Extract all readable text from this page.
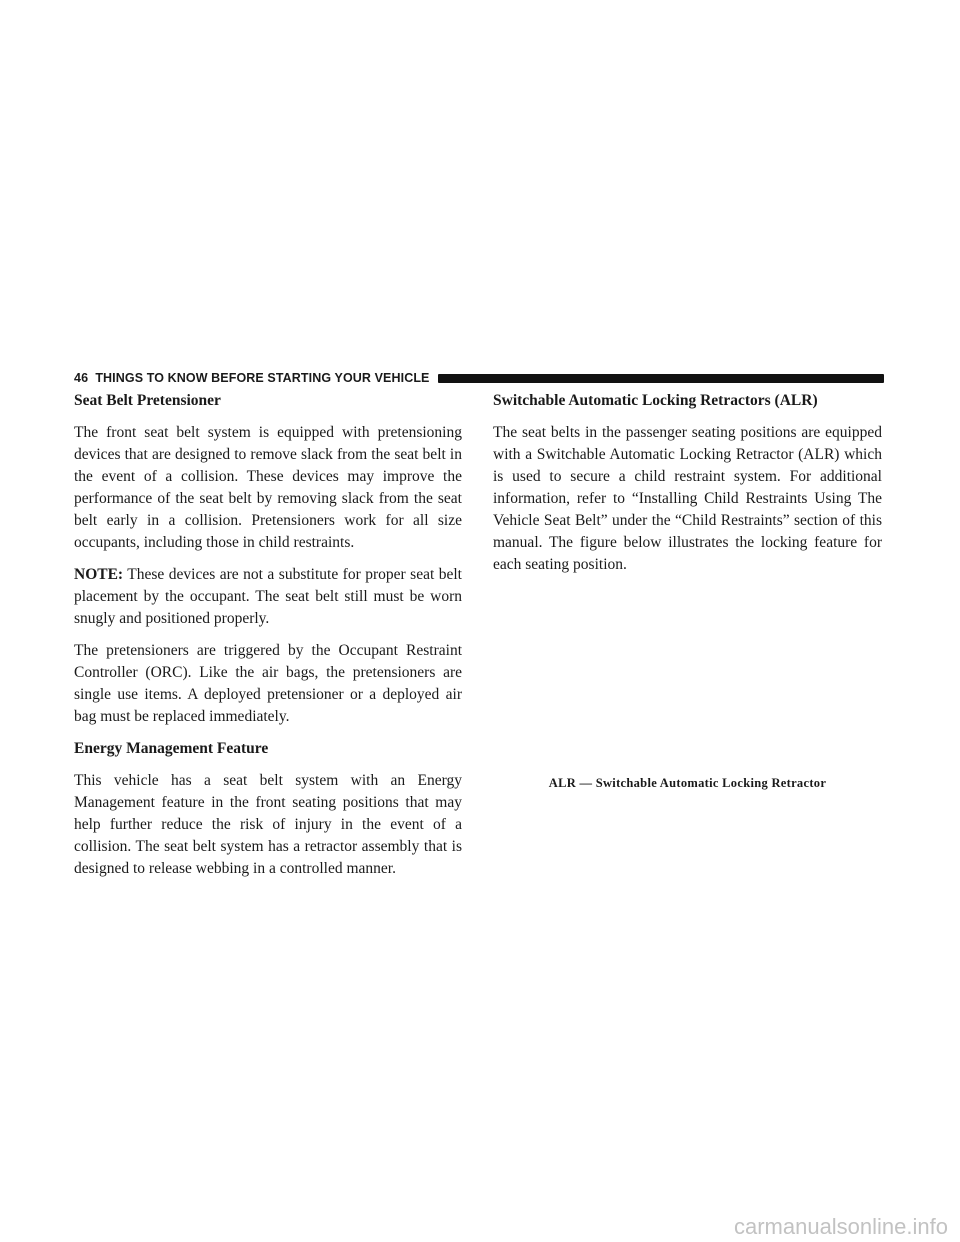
46 THINGS TO KNOW BEFORE STARTING YOUR VEHICLE
Seat Belt Pretensioner

The front seat belt system is equipped with pretensioning devices that are designed to remove slack from the seat belt in the event of a collision. These devices may improve the performance of the seat belt by removing slack from the seat belt early in a collision. Pretensioners work for all size occupants, including those in child restraints.

NOTE: These devices are not a substitute for proper seat belt placement by the occupant. The seat belt still must be worn snugly and positioned properly.

The pretensioners are triggered by the Occupant Restraint Controller (ORC). Like the air bags, the pretensioners are single use items. A deployed pretensioner or a deployed air bag must be replaced immediately.

Energy Management Feature

This vehicle has a seat belt system with an Energy Management feature in the front seating positions that may help further reduce the risk of injury in the event of a collision. The seat belt system has a retractor assembly that is designed to release webbing in a controlled manner.

Switchable Automatic Locking Retractors (ALR)

The seat belts in the passenger seating positions are equipped with a Switchable Automatic Locking Retractor (ALR) which is used to secure a child restraint system. For additional information, refer to “Installing Child Restraints Using The Vehicle Seat Belt” under the “Child Restraints” section of this manual. The figure below illustrates the locking feature for each seating position.

ALR — Switchable Automatic Locking Retractor
carmanualsonline.info
